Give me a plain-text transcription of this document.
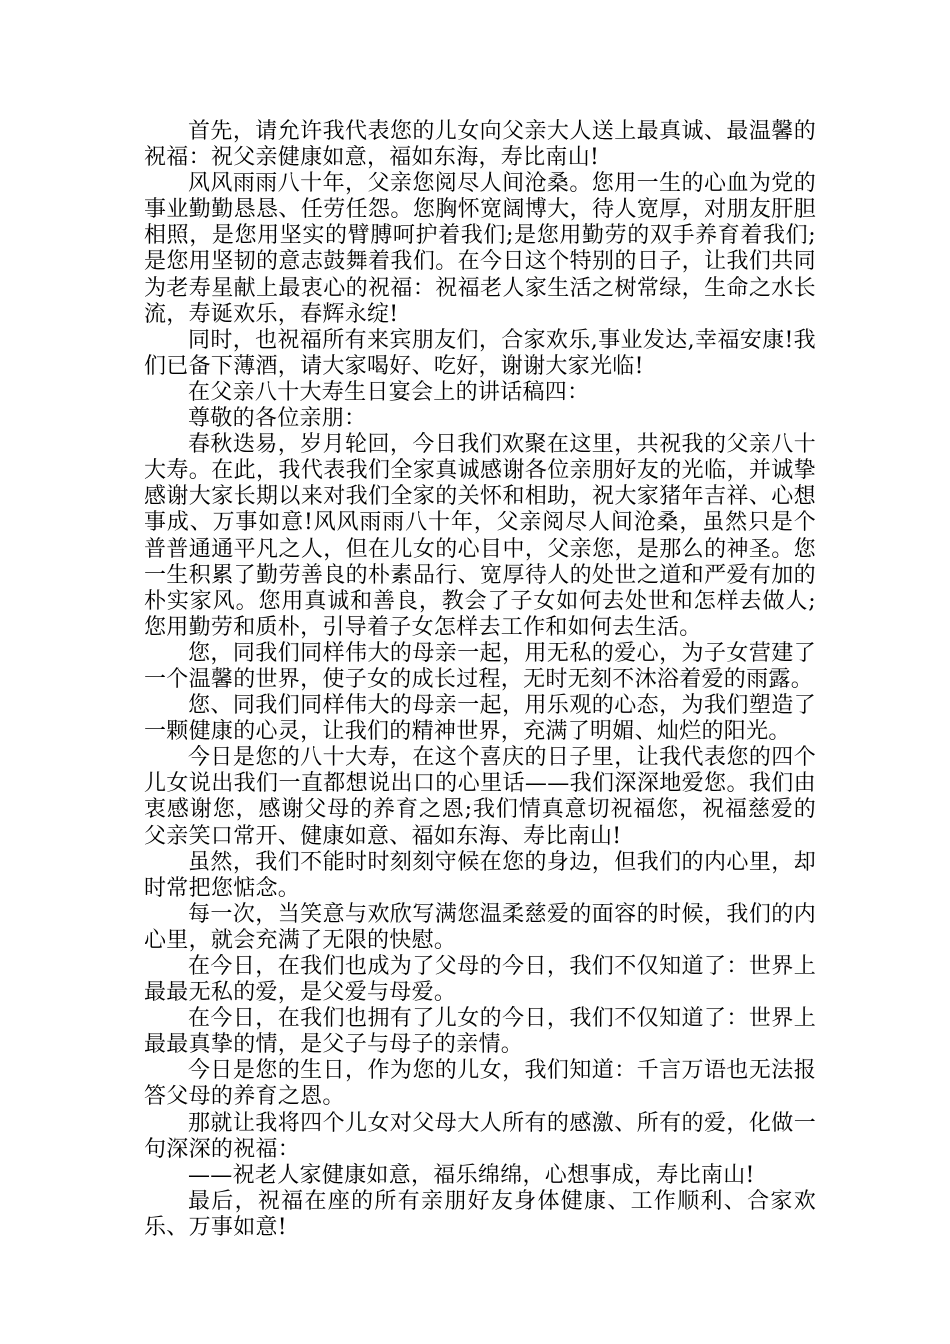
首先，请允许我代表您的儿女向父亲大人送上最真诚、最温馨的祝福：祝父亲健康如意，福如东海，寿比南山!

风风雨雨八十年，父亲您阅尽人间沧桑。您用一生的心血为党的事业勤勤恳恳、任劳任怨。您胸怀宽阔博大，待人宽厚，对朋友肝胆相照，是您用坚实的臂膊呵护着我们;是您用勤劳的双手养育着我们;是您用坚韧的意志鼓舞着我们。在今日这个特别的日子，让我们共同为老寿星献上最衷心的祝福：祝福老人家生活之树常绿，生命之水长流，寿诞欢乐，春辉永绽!

同时，也祝福所有来宾朋友们，合家欢乐,事业发达,幸福安康!我们已备下薄酒，请大家喝好、吃好，谢谢大家光临!

在父亲八十大寿生日宴会上的讲话稿四：

尊敬的各位亲朋：

春秋迭易，岁月轮回，今日我们欢聚在这里，共祝我的父亲八十大寿。在此，我代表我们全家真诚感谢各位亲朋好友的光临，并诚挚感谢大家长期以来对我们全家的关怀和相助，祝大家猪年吉祥、心想事成、万事如意!风风雨雨八十年，父亲阅尽人间沧桑，虽然只是个普普通通平凡之人，但在儿女的心目中，父亲您，是那么的神圣。您一生积累了勤劳善良的朴素品行、宽厚待人的处世之道和严爱有加的朴实家风。您用真诚和善良，教会了子女如何去处世和怎样去做人;您用勤劳和质朴，引导着子女怎样去工作和如何去生活。

您，同我们同样伟大的母亲一起，用无私的爱心，为子女营建了一个温馨的世界，使子女的成长过程，无时无刻不沐浴着爱的雨露。

您、同我们同样伟大的母亲一起，用乐观的心态，为我们塑造了一颗健康的心灵，让我们的精神世界，充满了明媚、灿烂的阳光。

今日是您的八十大寿，在这个喜庆的日子里，让我代表您的四个儿女说出我们一直都想说出口的心里话——我们深深地爱您。我们由衷感谢您，感谢父母的养育之恩;我们情真意切祝福您，祝福慈爱的父亲笑口常开、健康如意、福如东海、寿比南山!

虽然，我们不能时时刻刻守候在您的身边，但我们的内心里，却时常把您惦念。

每一次，当笑意与欢欣写满您温柔慈爱的面容的时候，我们的内心里，就会充满了无限的快慰。

在今日，在我们也成为了父母的今日，我们不仅知道了：世界上最最无私的爱，是父爱与母爱。

在今日，在我们也拥有了儿女的今日，我们不仅知道了：世界上最最真挚的情，是父子与母子的亲情。

今日是您的生日，作为您的儿女，我们知道：千言万语也无法报答父母的养育之恩。

那就让我将四个儿女对父母大人所有的感激、所有的爱，化做一句深深的祝福：

——祝老人家健康如意，福乐绵绵，心想事成，寿比南山!

最后，祝福在座的所有亲朋好友身体健康、工作顺利、合家欢乐、万事如意!
